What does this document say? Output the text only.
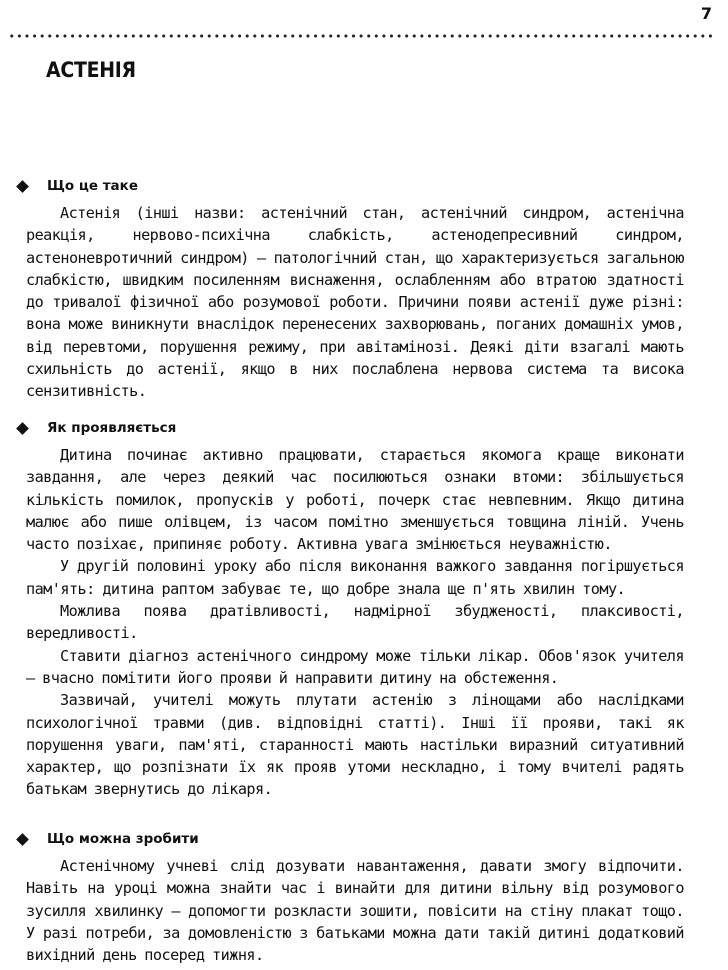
7
АСТЕНІЯ
Що це таке

Астенія (інші назви: астенічний стан, астенічний синдром, астенічна реакція, нервово-психічна слабкість, астенодепресивний синдром, астеноневротичний синдром) — патологічний стан, що характеризується загальною слабкістю, швидким посиленням виснаження, ослабленням або втратою здатності до тривалої фізичної або розумової роботи. Причини появи астенії дуже різні: вона може виникнути внаслідок перенесених захворювань, поганих домашніх умов, від перевтоми, порушення режиму, при авітамінозі. Деякі діти взагалі мають схильність до астенії, якщо в них послаблена нервова система та висока сензитивність.

Як проявляється

Дитина починає активно працювати, старається якомога краще виконати завдання, але через деякий час посилюються ознаки втоми: збільшується кількість помилок, пропусків у роботі, почерк стає невпевним. Якщо дитина малює або пише олівцем, із часом помітно зменшується товщина ліній. Учень часто позіхає, припиняє роботу. Активна увага змінюється неуважністю.

У другій половині уроку або після виконання важкого завдання погіршується пам'ять: дитина раптом забуває те, що добре знала ще п'ять хвилин тому.

Можлива поява дратівливості, надмірної збудженості, плаксивості, вередливості.

Ставити діагноз астенічного синдрому може тільки лікар. Обов'язок учителя — вчасно помітити його прояви й направити дитину на обстеження.

Зазвичай, учителі можуть плутати астенію з лінощами або наслідками психологічної травми (див. відповідні статті). Інші її прояви, такі як порушення уваги, пам'яті, старанності мають настільки виразний ситуативний характер, що розпізнати їх як прояв утоми нескладно, і тому вчителі радять батькам звернутись до лікаря.

Що можна зробити

Астенічному учневі слід дозувати навантаження, давати змогу відпочити. Навіть на уроці можна знайти час і винайти для дитини вільну від розумового зусилля хвилинку — допомогти розкласти зошити, повісити на стіну плакат тощо. У разі потреби, за домовленістю з батьками можна дати такій дитині додатковий вихідний день посеред тижня.
